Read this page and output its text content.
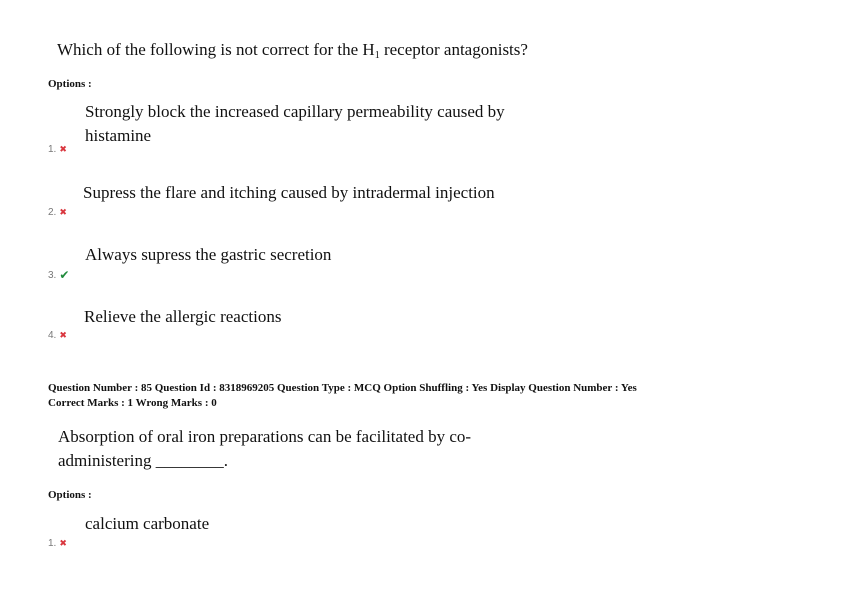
Which of the following is not correct for the H1 receptor antagonists?
Options :
Strongly block the increased capillary permeability caused by
histamine
1. ✖
Supress the flare and itching caused by intradermal injection
2. ✖
Always supress the gastric secretion
3. ✔
Relieve the allergic reactions
4. ✖
Question Number : 85 Question Id : 8318969205 Question Type : MCQ Option Shuffling : Yes Display Question Number : Yes
Correct Marks : 1 Wrong Marks : 0
Absorption of oral iron preparations can be facilitated by co-
administering ________.
Options :
calcium carbonate
1. ✖
